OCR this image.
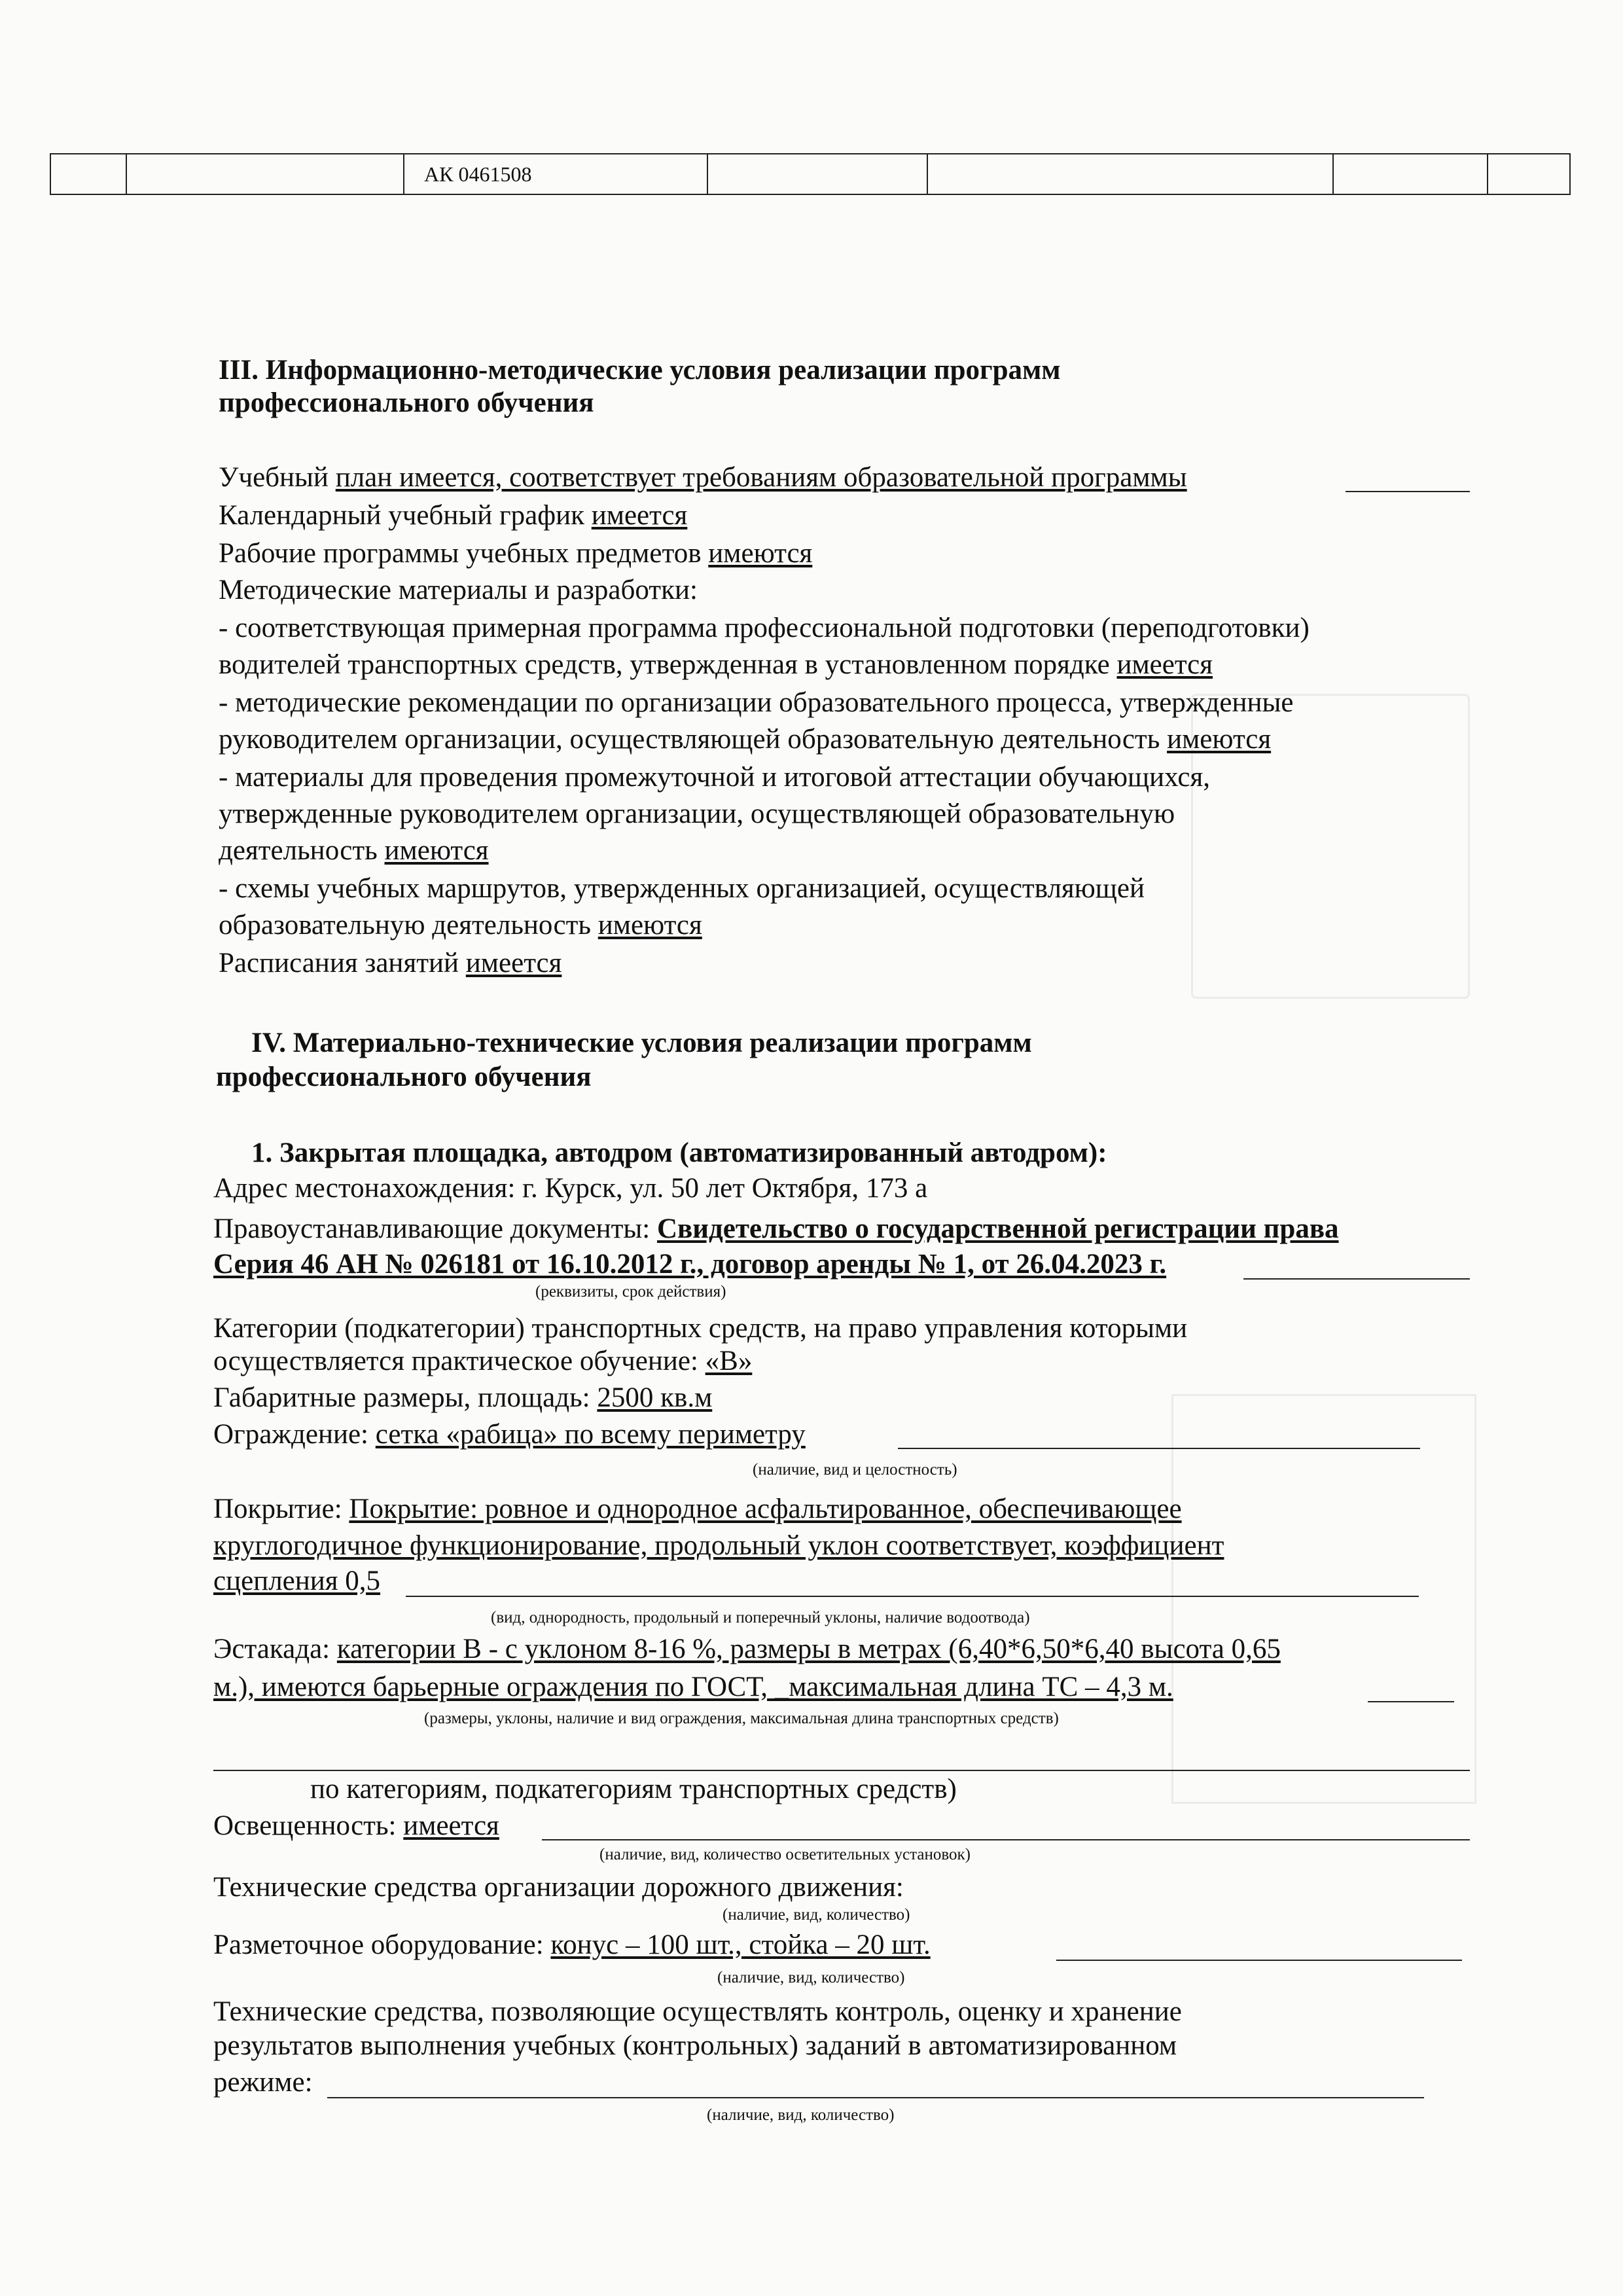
АК 0461508
III. Информационно-методические условия реализации программ
профессионального обучения
Учебный план имеется, соответствует требованиям образовательной программы
Календарный учебный график имеется
Рабочие программы учебных предметов имеются
Методические материалы и разработки:
- соответствующая примерная программа профессиональной подготовки (переподготовки)
водителей транспортных средств, утвержденная в установленном порядке имеется
- методические рекомендации по организации образовательного процесса, утвержденные
руководителем организации, осуществляющей образовательную деятельность имеются
- материалы для проведения промежуточной и итоговой аттестации обучающихся,
утвержденные руководителем организации, осуществляющей образовательную
деятельность имеются
- схемы учебных маршрутов, утвержденных организацией, осуществляющей
образовательную деятельность имеются
Расписания занятий имеется
IV. Материально-технические условия реализации программ
профессионального обучения
1. Закрытая площадка, автодром (автоматизированный автодром):
Адрес местонахождения: г. Курск, ул. 50 лет Октября, 173 а
Правоустанавливающие документы: Свидетельство о государственной регистрации права
Серия 46 АН № 026181 от 16.10.2012 г., договор аренды № 1, от 26.04.2023 г.
(реквизиты, срок действия)
Категории (подкатегории) транспортных средств, на право управления которыми
осуществляется практическое обучение: «В»
Габаритные размеры, площадь: 2500 кв.м
Ограждение: сетка «рабица» по всему периметру
(наличие, вид и целостность)
Покрытие: Покрытие: ровное и однородное асфальтированное, обеспечивающее
круглогодичное функционирование, продольный уклон соответствует, коэффициент
сцепления 0,5
(вид, однородность, продольный и поперечный уклоны, наличие водоотвода)
Эстакада: категории В - с уклоном 8-16 %, размеры в метрах (6,40*6,50*6,40 высота 0,65
м.), имеются барьерные ограждения по ГОСТ, _максимальная длина ТС – 4,3 м.
(размеры, уклоны, наличие и вид ограждения, максимальная длина транспортных средств)
по категориям, подкатегориям транспортных средств)
Освещенность: имеется
(наличие, вид, количество осветительных установок)
Технические средства организации дорожного движения:
(наличие, вид, количество)
Разметочное оборудование: конус – 100 шт., стойка – 20 шт.
(наличие, вид, количество)
Технические средства, позволяющие осуществлять контроль, оценку и хранение
результатов выполнения учебных (контрольных) заданий в автоматизированном
режиме:
(наличие, вид, количество)
